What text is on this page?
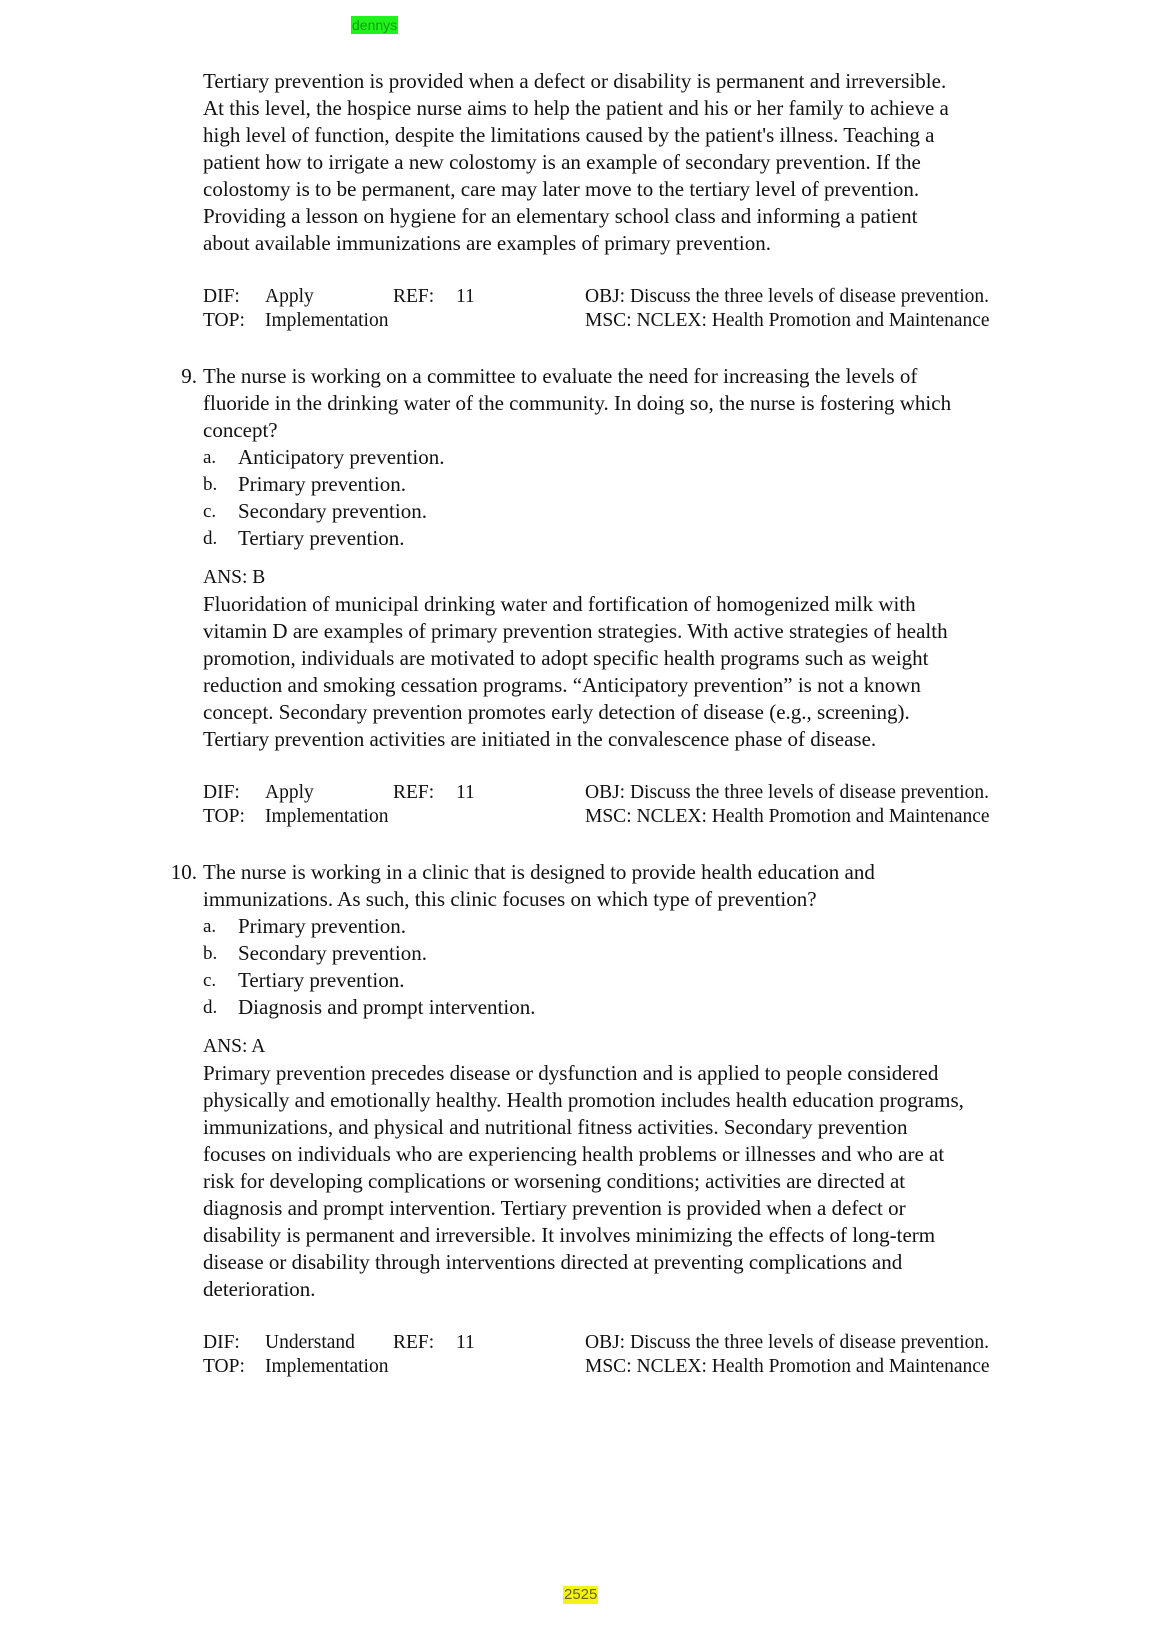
dennys

Tertiary prevention is provided when a defect or disability is permanent and irreversible.
At this level, the hospice nurse aims to help the patient and his or her family to achieve a
high level of function, despite the limitations caused by the patient's illness. Teaching a
patient how to irrigate a new colostomy is an example of secondary prevention. If the
colostomy is to be permanent, care may later move to the tertiary level of prevention.
Providing a lesson on hygiene for an elementary school class and informing a patient
about available immunizations are examples of primary prevention.

DIF: Apply	REF: 11	OBJ: Discuss the three levels of disease prevention.
TOP: Implementation	MSC: NCLEX: Health Promotion and Maintenance
9. The nurse is working on a committee to evaluate the need for increasing the levels of
fluoride in the drinking water of the community. In doing so, the nurse is fostering which
concept?

a. Anticipatory prevention.
b. Primary prevention.
c. Secondary prevention.
d. Tertiary prevention.
ANS: B

Fluoridation of municipal drinking water and fortification of homogenized milk with
vitamin D are examples of primary prevention strategies. With active strategies of health
promotion, individuals are motivated to adopt specific health programs such as weight
reduction and smoking cessation programs. “Anticipatory prevention” is not a known
concept. Secondary prevention promotes early detection of disease (e.g., screening).
Tertiary prevention activities are initiated in the convalescence phase of disease.

DIF: Apply	REF: 11	OBJ: Discuss the three levels of disease prevention.
TOP: Implementation	MSC: NCLEX: Health Promotion and Maintenance
10. The nurse is working in a clinic that is designed to provide health education and
immunizations. As such, this clinic focuses on which type of prevention?

a. Primary prevention.
b. Secondary prevention.
c. Tertiary prevention.
d. Diagnosis and prompt intervention.
ANS: A

Primary prevention precedes disease or dysfunction and is applied to people considered
physically and emotionally healthy. Health promotion includes health education programs,
immunizations, and physical and nutritional fitness activities. Secondary prevention
focuses on individuals who are experiencing health problems or illnesses and who are at
risk for developing complications or worsening conditions; activities are directed at
diagnosis and prompt intervention. Tertiary prevention is provided when a defect or
disability is permanent and irreversible. It involves minimizing the effects of long-term
disease or disability through interventions directed at preventing complications and
deterioration.

DIF: Understand REF: 11	OBJ: Discuss the three levels of disease prevention.
TOP: Implementation	MSC: NCLEX: Health Promotion and Maintenance
2525
